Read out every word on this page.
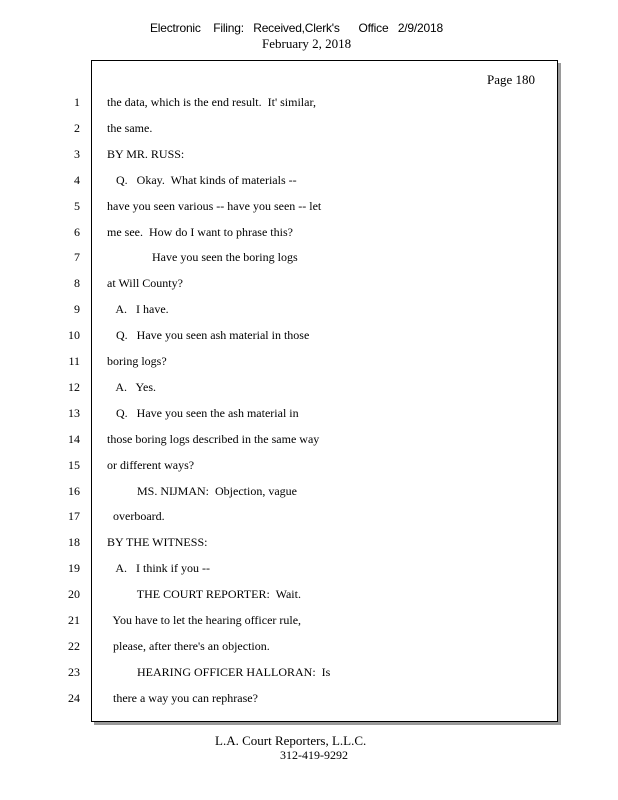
Electronic    Filing:   Received,Clerk's      Office   2/9/2018
February 2, 2018
Page 180
1 the data, which is the end result.  It' similar,
2 the same.
3 BY MR. RUSS:
4 Q.   Okay.  What kinds of materials --
5 have you seen various -- have you seen -- let
6 me see.  How do I want to phrase this?
7 Have you seen the boring logs
8 at Will County?
9 A.   I have.
10 Q.   Have you seen ash material in those
11 boring logs?
12 A.   Yes.
13 Q.   Have you seen the ash material in
14 those boring logs described in the same way
15 or different ways?
16 MS. NIJMAN:  Objection, vague
17 overboard.
18 BY THE WITNESS:
19 A.   I think if you --
20 THE COURT REPORTER:  Wait.
21 You have to let the hearing officer rule,
22 please, after there's an objection.
23 HEARING OFFICER HALLORAN:  Is
24 there a way you can rephrase?
L.A. Court Reporters, L.L.C.
312-419-9292
